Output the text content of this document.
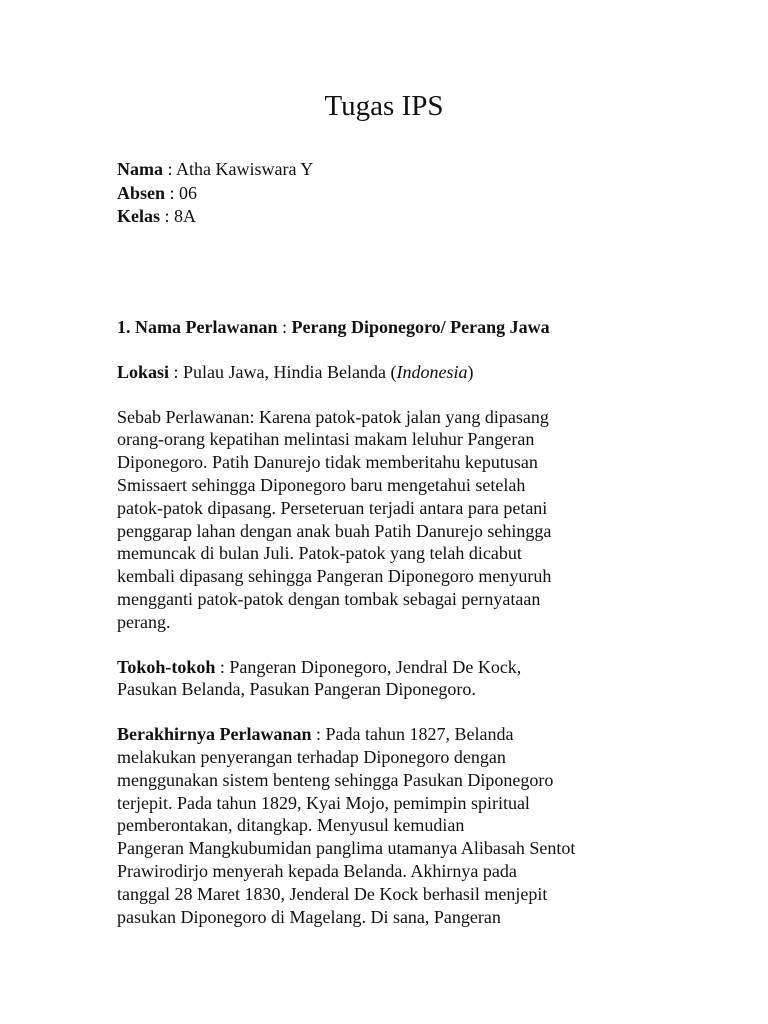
Tugas IPS
Nama : Atha Kawiswara Y
Absen : 06
Kelas : 8A

1. Nama Perlawanan : Perang Diponegoro/ Perang Jawa

Lokasi : Pulau Jawa, Hindia Belanda (Indonesia)

Sebab Perlawanan: Karena patok-patok jalan yang dipasang
orang-orang kepatihan melintasi makam leluhur Pangeran
Diponegoro. Patih Danurejo tidak memberitahu keputusan
Smissaert sehingga Diponegoro baru mengetahui setelah
patok-patok dipasang. Perseteruan terjadi antara para petani
penggarap lahan dengan anak buah Patih Danurejo sehingga
memuncak di bulan Juli. Patok-patok yang telah dicabut
kembali dipasang sehingga Pangeran Diponegoro menyuruh
mengganti patok-patok dengan tombak sebagai pernyataan
perang.

Tokoh-tokoh : Pangeran Diponegoro, Jendral De Kock,
Pasukan Belanda, Pasukan Pangeran Diponegoro.

Berakhirnya Perlawanan : Pada tahun 1827, Belanda
melakukan penyerangan terhadap Diponegoro dengan
menggunakan sistem benteng sehingga Pasukan Diponegoro
terjepit. Pada tahun 1829, Kyai Mojo, pemimpin spiritual
pemberontakan, ditangkap. Menyusul kemudian
Pangeran Mangkubumidan panglima utamanya Alibasah Sentot
Prawirodirjo menyerah kepada Belanda. Akhirnya pada
tanggal 28 Maret 1830, Jenderal De Kock berhasil menjepit
pasukan Diponegoro di Magelang. Di sana, Pangeran
